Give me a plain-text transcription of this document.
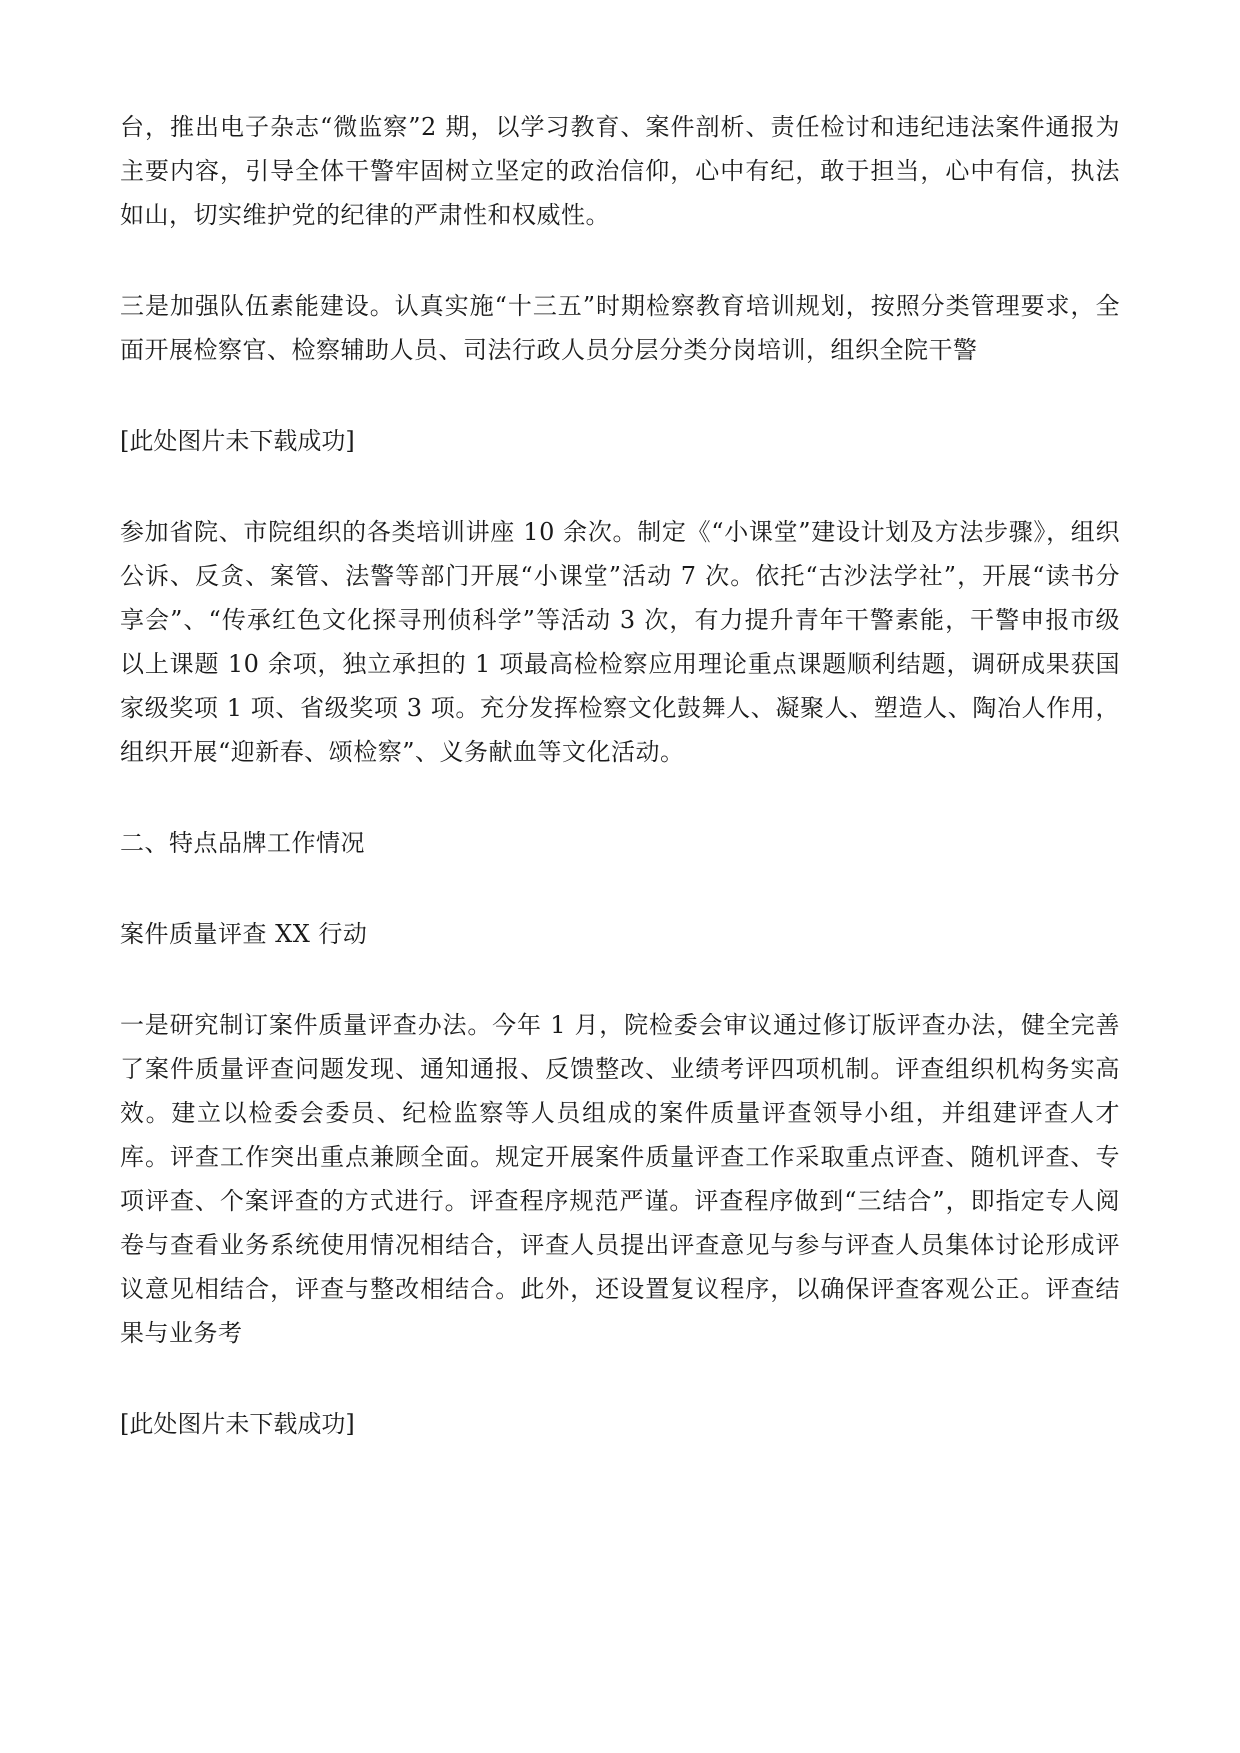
台，推出电子杂志“微监察”2 期，以学习教育、案件剖析、责任检讨和违纪违法案件通报为主要内容，引导全体干警牢固树立坚定的政治信仰，心中有纪，敢于担当，心中有信，执法如山，切实维护党的纪律的严肃性和权威性。

三是加强队伍素能建设。认真实施“十三五”时期检察教育培训规划，按照分类管理要求，全面开展检察官、检察辅助人员、司法行政人员分层分类分岗培训，组织全院干警

[此处图片未下载成功]

参加省院、市院组织的各类培训讲座 10 余次。制定《“小课堂”建设计划及方法步骤》，组织公诉、反贪、案管、法警等部门开展“小课堂”活动 7 次。依托“古沙法学社”，开展“读书分享会”、“传承红色文化探寻刑侦科学”等活动 3 次，有力提升青年干警素能，干警申报市级以上课题 10 余项，独立承担的 1 项最高检检察应用理论重点课题顺利结题，调研成果获国家级奖项 1 项、省级奖项 3 项。充分发挥检察文化鼓舞人、凝聚人、塑造人、陶冶人作用，组织开展“迎新春、颂检察”、义务献血等文化活动。

二、特点品牌工作情况

案件质量评查 XX 行动

一是研究制订案件质量评查办法。今年 1 月，院检委会审议通过修订版评查办法，健全完善了案件质量评查问题发现、通知通报、反馈整改、业绩考评四项机制。评查组织机构务实高效。建立以检委会委员、纪检监察等人员组成的案件质量评查领导小组，并组建评查人才库。评查工作突出重点兼顾全面。规定开展案件质量评查工作采取重点评查、随机评查、专项评查、个案评查的方式进行。评查程序规范严谨。评查程序做到“三结合”，即指定专人阅卷与查看业务系统使用情况相结合，评查人员提出评查意见与参与评查人员集体讨论形成评议意见相结合，评查与整改相结合。此外，还设置复议程序，以确保评查客观公正。评查结果与业务考

[此处图片未下载成功]
